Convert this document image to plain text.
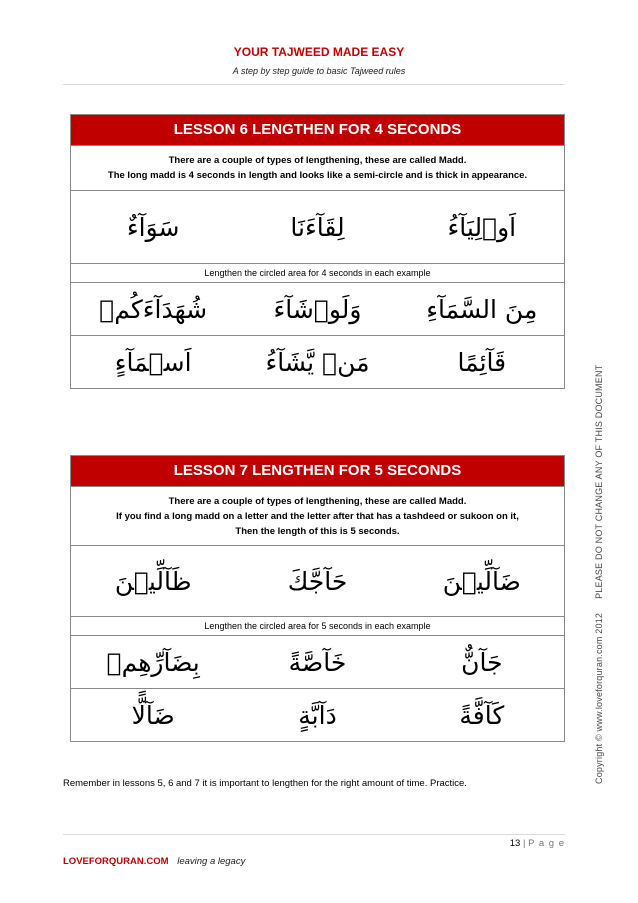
YOUR TAJWEED MADE EASY
A step by step guide to basic Tajweed rules
LESSON 6 LENGTHEN FOR 4 SECONDS
There are a couple of types of lengthening, these are called Madd.
The long madd is 4 seconds in length and looks like a semi-circle and is thick in appearance.
سَوَآءٌ	لِقَآءَنَا	اَوۡلِيَآءُ
Lengthen the circled area for 4 seconds in each example
شُهَدَآءَكُمۡ	وَلَوۡشَآءَ	مِنَ السَّمَآءِ
اَسۡمَآءٍ	مَنۡ يَّشَآءُ	قَآئِمًا
LESSON 7 LENGTHEN FOR 5 SECONDS
There are a couple of types of lengthening, these are called Madd.
If you find a long madd on a letter and the letter after that has a tashdeed or sukoon on it,
Then the length of this is 5 seconds.
ظَآلِّيۡنَ	حَآجَّكَ	ضَآلِّيۡنَ
Lengthen the circled area for 5 seconds in each example
بِضَآرِّهِمۡ	خَآصَّةً	جَآنٌّ
ضَآلًّا	دَآبَّةٍ	كَآفَّةً
Remember in lessons 5, 6 and 7 it is important to lengthen for the right amount of time. Practice.
13 | P a g e
LOVEFORQURAN.COM leaving a legacy
Copyright © www.loveforquran.com 2012PLEASE DO NOT CHANGE ANY OF THIS DOCUMENT
